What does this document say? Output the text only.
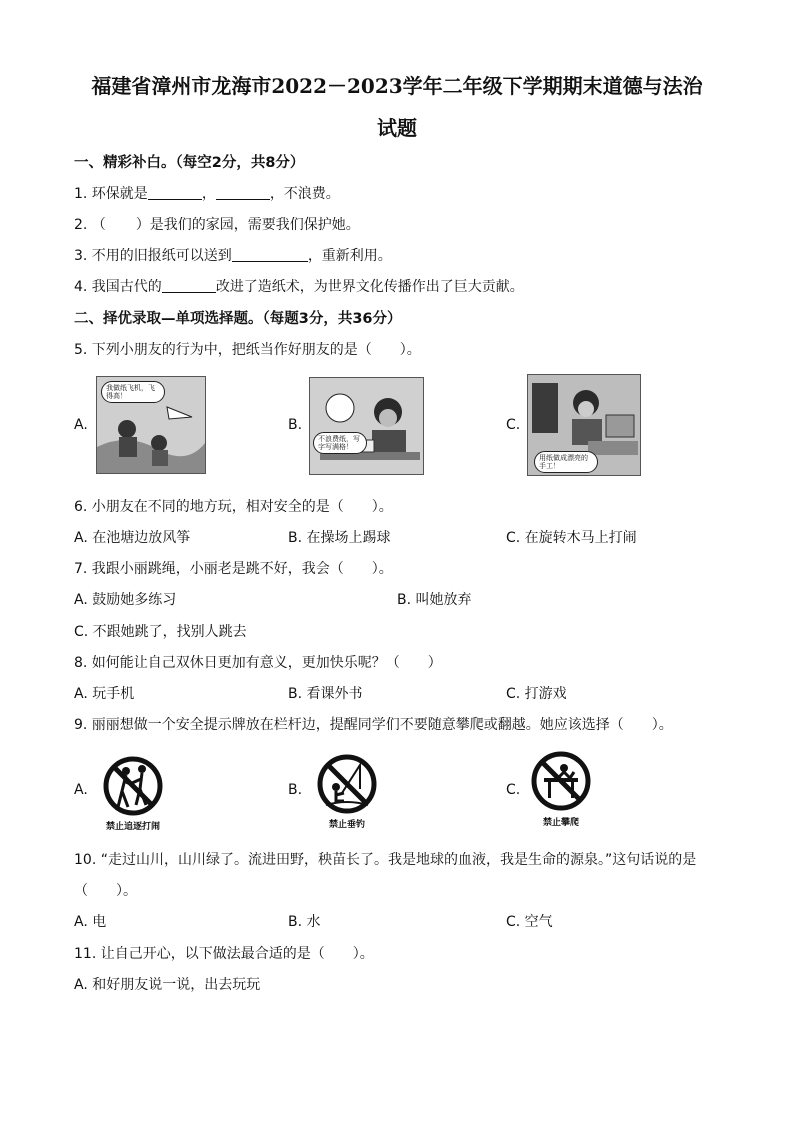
福建省漳州市龙海市2022－2023学年二年级下学期期末道德与法治
试题
一、精彩补白。（每空2分，共8分）
1. 环保就是	，	，不浪费。
2. （ ）是我们的家园，需要我们保护她。
3. 不用的旧报纸可以送到	，重新利用。
4. 我国古代的	改进了造纸术，为世界文化传播作出了巨大贡献。
二、择优录取—单项选择题。（每题3分，共36分）
5. 下列小朋友的行为中，把纸当作好朋友的是（　　）。
A.
我做纸飞机，飞得高！
B.
不浪费纸，写字写满格！
C.
用纸做成漂亮的手工！
6. 小朋友在不同的地方玩，相对安全的是（　　）。
A. 在池塘边放风筝	B. 在操场上踢球	C. 在旋转木马上打闹
7. 我跟小丽跳绳，小丽老是跳不好，我会（　　）。
A. 鼓励她多练习	B. 叫她放弃
C. 不跟她跳了，找别人跳去
8. 如何能让自己双休日更加有意义，更加快乐呢？（　　）
A. 玩手机	B. 看课外书	C. 打游戏
9. 丽丽想做一个安全提示牌放在栏杆边，提醒同学们不要随意攀爬或翻越。她应该选择（　　）。
A.
禁止追逐打闹
B.
禁止垂钓
C.
禁止攀爬
10. “走过山川，山川绿了。流进田野，秧苗长了。我是地球的血液，我是生命的源泉。”这句话说的是
（　　）。
A. 电	B. 水	C. 空气
11. 让自己开心，以下做法最合适的是（　　）。
A. 和好朋友说一说，出去玩玩
